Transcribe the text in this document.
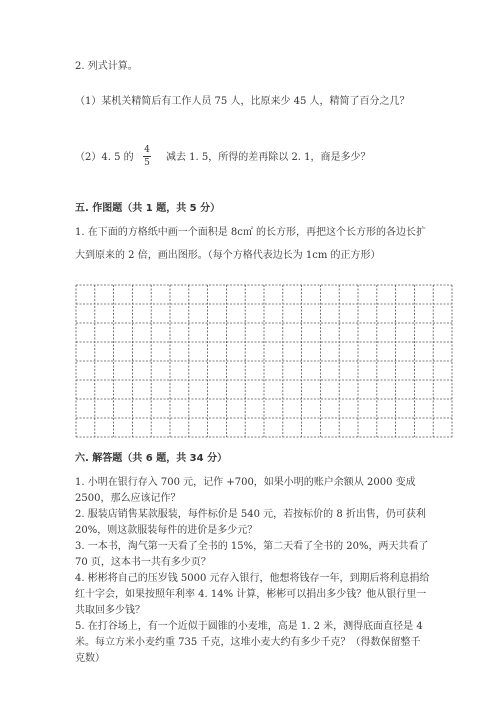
2. 列式计算。
（1）某机关精简后有工作人员 75 人，比原来少 45 人，精简了百分之几？
（2）4. 5 的
4
5 减去 1. 5，所得的差再除以 2. 1，商是多少？
五. 作图题（共 1 题，共 5 分）
1. 在下面的方格纸中画一个面积是 8c㎡ 的长方形，再把这个长方形的各边长扩
大到原来的 2 倍，画出图形。（每个方格代表边长为 1cm 的正方形）
六. 解答题（共 6 题，共 34 分）
1. 小明在银行存入 700 元，记作 +700，如果小明的账户余额从 2000 变成
2500，那么应该记作？
2. 服装店销售某款服装，每件标价是 540 元，若按标价的 8 折出售，仍可获利
20%，则这款服装每件的进价是多少元？
3. 一本书，淘气第一天看了全书的 15%，第二天看了全书的 20%，两天共看了
70 页，这本书一共有多少页？
4. 彬彬将自己的压岁钱 5000 元存入银行，他想将钱存一年，到期后将利息捐给
红十字会，如果按照年利率 4. 14% 计算，彬彬可以捐出多少钱？他从银行里一
共取回多少钱？
5. 在打谷场上，有一个近似于圆锥的小麦堆，高是 1. 2 米，测得底面直径是 4
米。每立方米小麦约重 735 千克，这堆小麦大约有多少千克？（得数保留整千
克数）
